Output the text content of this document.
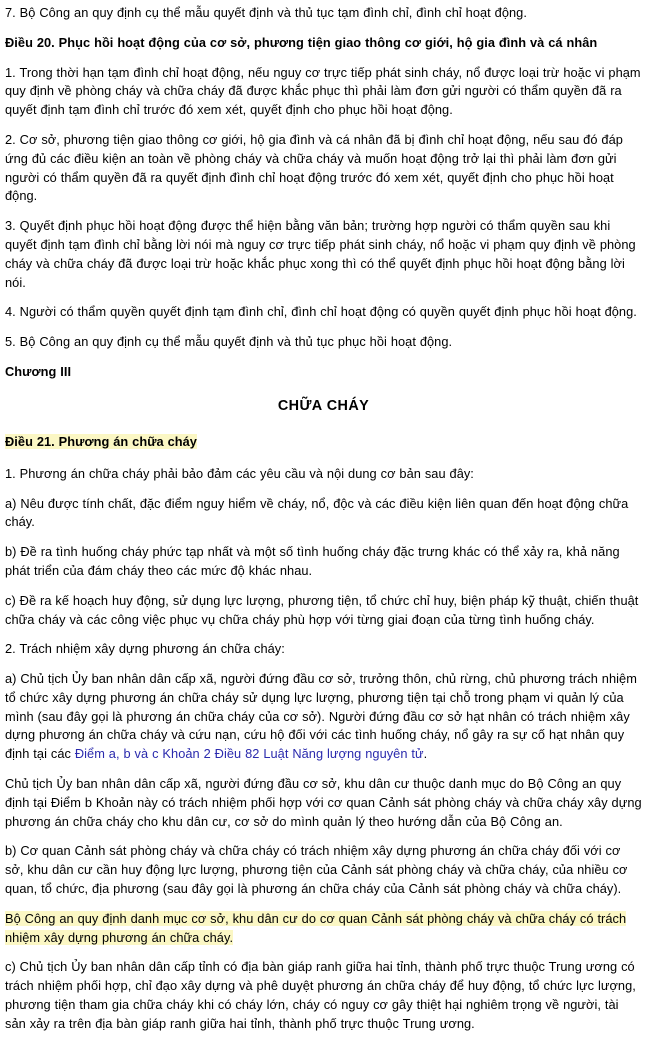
7. Bộ Công an quy định cụ thể mẫu quyết định và thủ tục tạm đình chỉ, đình chỉ hoạt động.

Điều 20. Phục hồi hoạt động của cơ sở, phương tiện giao thông cơ giới, hộ gia đình và cá nhân

1. Trong thời hạn tạm đình chỉ hoạt động, nếu nguy cơ trực tiếp phát sinh cháy, nổ được loại trừ hoặc vi phạm quy định về phòng cháy và chữa cháy đã được khắc phục thì phải làm đơn gửi người có thẩm quyền đã ra quyết định tạm đình chỉ trước đó xem xét, quyết định cho phục hồi hoạt động.

2. Cơ sở, phương tiện giao thông cơ giới, hộ gia đình và cá nhân đã bị đình chỉ hoạt động, nếu sau đó đáp ứng đủ các điều kiện an toàn về phòng cháy và chữa cháy và muốn hoạt động trở lại thì phải làm đơn gửi người có thẩm quyền đã ra quyết định đình chỉ hoạt động trước đó xem xét, quyết định cho phục hồi hoạt động.

3. Quyết định phục hồi hoạt động được thể hiện bằng văn bản; trường hợp người có thẩm quyền sau khi quyết định tạm đình chỉ bằng lời nói mà nguy cơ trực tiếp phát sinh cháy, nổ hoặc vi phạm quy định về phòng cháy và chữa cháy đã được loại trừ hoặc khắc phục xong thì có thể quyết định phục hồi hoạt động bằng lời nói.

4. Người có thẩm quyền quyết định tạm đình chỉ, đình chỉ hoạt động có quyền quyết định phục hồi hoạt động.

5. Bộ Công an quy định cụ thể mẫu quyết định và thủ tục phục hồi hoạt động.

Chương III

CHỮA CHÁY

Điều 21. Phương án chữa cháy

1. Phương án chữa cháy phải bảo đảm các yêu cầu và nội dung cơ bản sau đây:

a) Nêu được tính chất, đặc điểm nguy hiểm về cháy, nổ, độc và các điều kiện liên quan đến hoạt động chữa cháy.

b) Đề ra tình huống cháy phức tạp nhất và một số tình huống cháy đặc trưng khác có thể xảy ra, khả năng phát triển của đám cháy theo các mức độ khác nhau.

c) Đề ra kế hoạch huy động, sử dụng lực lượng, phương tiện, tổ chức chỉ huy, biện pháp kỹ thuật, chiến thuật chữa cháy và các công việc phục vụ chữa cháy phù hợp với từng giai đoạn của từng tình huống cháy.

2. Trách nhiệm xây dựng phương án chữa cháy:

a) Chủ tịch Ủy ban nhân dân cấp xã, người đứng đầu cơ sở, trưởng thôn, chủ rừng, chủ phương trách nhiệm tổ chức xây dựng phương án chữa cháy sử dụng lực lượng, phương tiện tại chỗ trong phạm vi quản lý của mình (sau đây gọi là phương án chữa cháy của cơ sở). Người đứng đầu cơ sở hạt nhân có trách nhiệm xây dựng phương án chữa cháy và cứu nạn, cứu hộ đối với các tình huống cháy, nổ gây ra sự cố hạt nhân quy định tại các Điểm a, b và c Khoản 2 Điều 82 Luật Năng lượng nguyên tử.

Chủ tịch Ủy ban nhân dân cấp xã, người đứng đầu cơ sở, khu dân cư thuộc danh mục do Bộ Công an quy định tại Điểm b Khoản này có trách nhiệm phối hợp với cơ quan Cảnh sát phòng cháy và chữa cháy xây dựng phương án chữa cháy cho khu dân cư, cơ sở do mình quản lý theo hướng dẫn của Bộ Công an.

b) Cơ quan Cảnh sát phòng cháy và chữa cháy có trách nhiệm xây dựng phương án chữa cháy đối với cơ sở, khu dân cư cần huy động lực lượng, phương tiện của Cảnh sát phòng cháy và chữa cháy, của nhiều cơ quan, tổ chức, địa phương (sau đây gọi là phương án chữa cháy của Cảnh sát phòng cháy và chữa cháy).

Bộ Công an quy định danh mục cơ sở, khu dân cư do cơ quan Cảnh sát phòng cháy và chữa cháy có trách nhiệm xây dựng phương án chữa cháy.

c) Chủ tịch Ủy ban nhân dân cấp tỉnh có địa bàn giáp ranh giữa hai tỉnh, thành phố trực thuộc Trung ương có trách nhiệm phối hợp, chỉ đạo xây dựng và phê duyệt phương án chữa cháy để huy động, tổ chức lực lượng, phương tiện tham gia chữa cháy khi có cháy lớn, cháy có nguy cơ gây thiệt hại nghiêm trọng về người, tài sản xảy ra trên địa bàn giáp ranh giữa hai tỉnh, thành phố trực thuộc Trung ương.
